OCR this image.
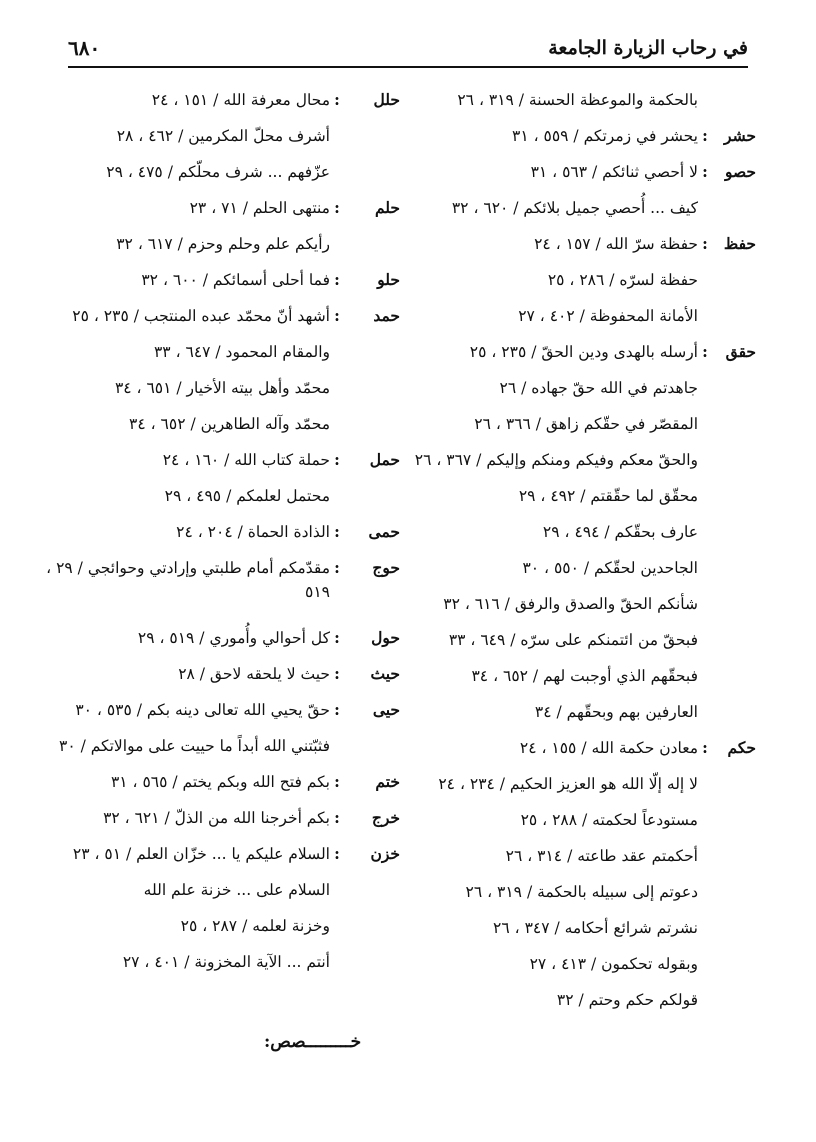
في رحاب الزيارة الجامعة
٦٨٠
بالحكمة والموعظة الحسنة / ٣١٩ ، ٢٦
حشر
:
يحشر في زمرتكم / ٥٥٩ ، ٣١
حصو
:
لا أحصي ثنائكم / ٥٦٣ ، ٣١
كيف ... أُحصي جميل بلائكم / ٦٢٠ ، ٣٢
حفظ
:
حفظة سرّ الله / ١٥٧ ، ٢٤
حفظة لسرّه / ٢٨٦ ، ٢٥
الأمانة المحفوظة / ٤٠٢ ، ٢٧
حقق
:
أرسله بالهدى ودين الحقّ / ٢٣٥ ، ٢٥
جاهدتم في الله حقّ جهاده / ٢٦
المقصّر في حقّكم زاهق / ٣٦٦ ، ٢٦
والحقّ معكم وفيكم ومنكم وإليكم / ٣٦٧ ، ٢٦
محقّق لما حقّقتم / ٤٩٢ ، ٢٩
عارف بحقّكم / ٤٩٤ ، ٢٩
الجاحدين لحقّكم / ٥٥٠ ، ٣٠
شأنكم الحقّ والصدق والرفق / ٦١٦ ، ٣٢
فبحقّ من ائتمنكم على سرّه / ٦٤٩ ، ٣٣
فبحقّهم الذي أوجبت لهم / ٦٥٢ ، ٣٤
العارفين بهم وبحقّهم / ٣٤
حكم
:
معادن حكمة الله / ١٥٥ ، ٢٤
لا إله إلّا الله هو العزيز الحكيم / ٢٣٤ ، ٢٤
مستودعاً لحكمته / ٢٨٨ ، ٢٥
أحكمتم عقد طاعته / ٣١٤ ، ٢٦
دعوتم إلى سبيله بالحكمة / ٣١٩ ، ٢٦
نشرتم شرائع أحكامه / ٣٤٧ ، ٢٦
وبقوله تحكمون / ٤١٣ ، ٢٧
قولكم حكم وحتم / ٣٢
حلل
:
محال معرفة الله / ١٥١ ، ٢٤
أشرف محلّ المكرمين / ٤٦٢ ، ٢٨
عزّفهم ... شرف محلّكم / ٤٧٥ ، ٢٩
حلم
:
منتهى الحلم / ٧١ ، ٢٣
رأيكم علم وحلم وحزم / ٦١٧ ، ٣٢
حلو
:
فما أحلى أسمائكم / ٦٠٠ ، ٣٢
حمد
:
أشهد أنّ محمّد عبده المنتجب / ٢٣٥ ، ٢٥
والمقام المحمود / ٦٤٧ ، ٣٣
محمّد وأهل بيته الأخيار / ٦٥١ ، ٣٤
محمّد وآله الطاهرين / ٦٥٢ ، ٣٤
حمل
:
حملة كتاب الله / ١٦٠ ، ٢٤
محتمل لعلمكم / ٤٩٥ ، ٢٩
حمى
:
الذادة الحماة / ٢٠٤ ، ٢٤
حوج
:
مقدّمكم أمام طلبتي وإرادتي وحوائجي / ٢٩ ، ٥١٩
حول
:
كل أحوالي وأُموري / ٥١٩ ، ٢٩
حيث
:
حيث لا يلحقه لاحق / ٢٨
حيى
:
حقّ يحيي الله تعالى دينه بكم / ٥٣٥ ، ٣٠
فثبّتني الله أبداً ما حييت على موالاتكم / ٣٠
ختم
:
بكم فتح الله وبكم يختم / ٥٦٥ ، ٣١
خرج
:
بكم أخرجنا الله من الذلّ / ٦٢١ ، ٣٢
خزن
:
السلام عليكم يا ... خزّان العلم / ٥١ ، ٢٣
السلام على ... خزنة علم الله
وخزنة لعلمه / ٢٨٧ ، ٢٥
أنتم ... الآية المخزونة / ٤٠١ ، ٢٧
خـــــــــصص:
